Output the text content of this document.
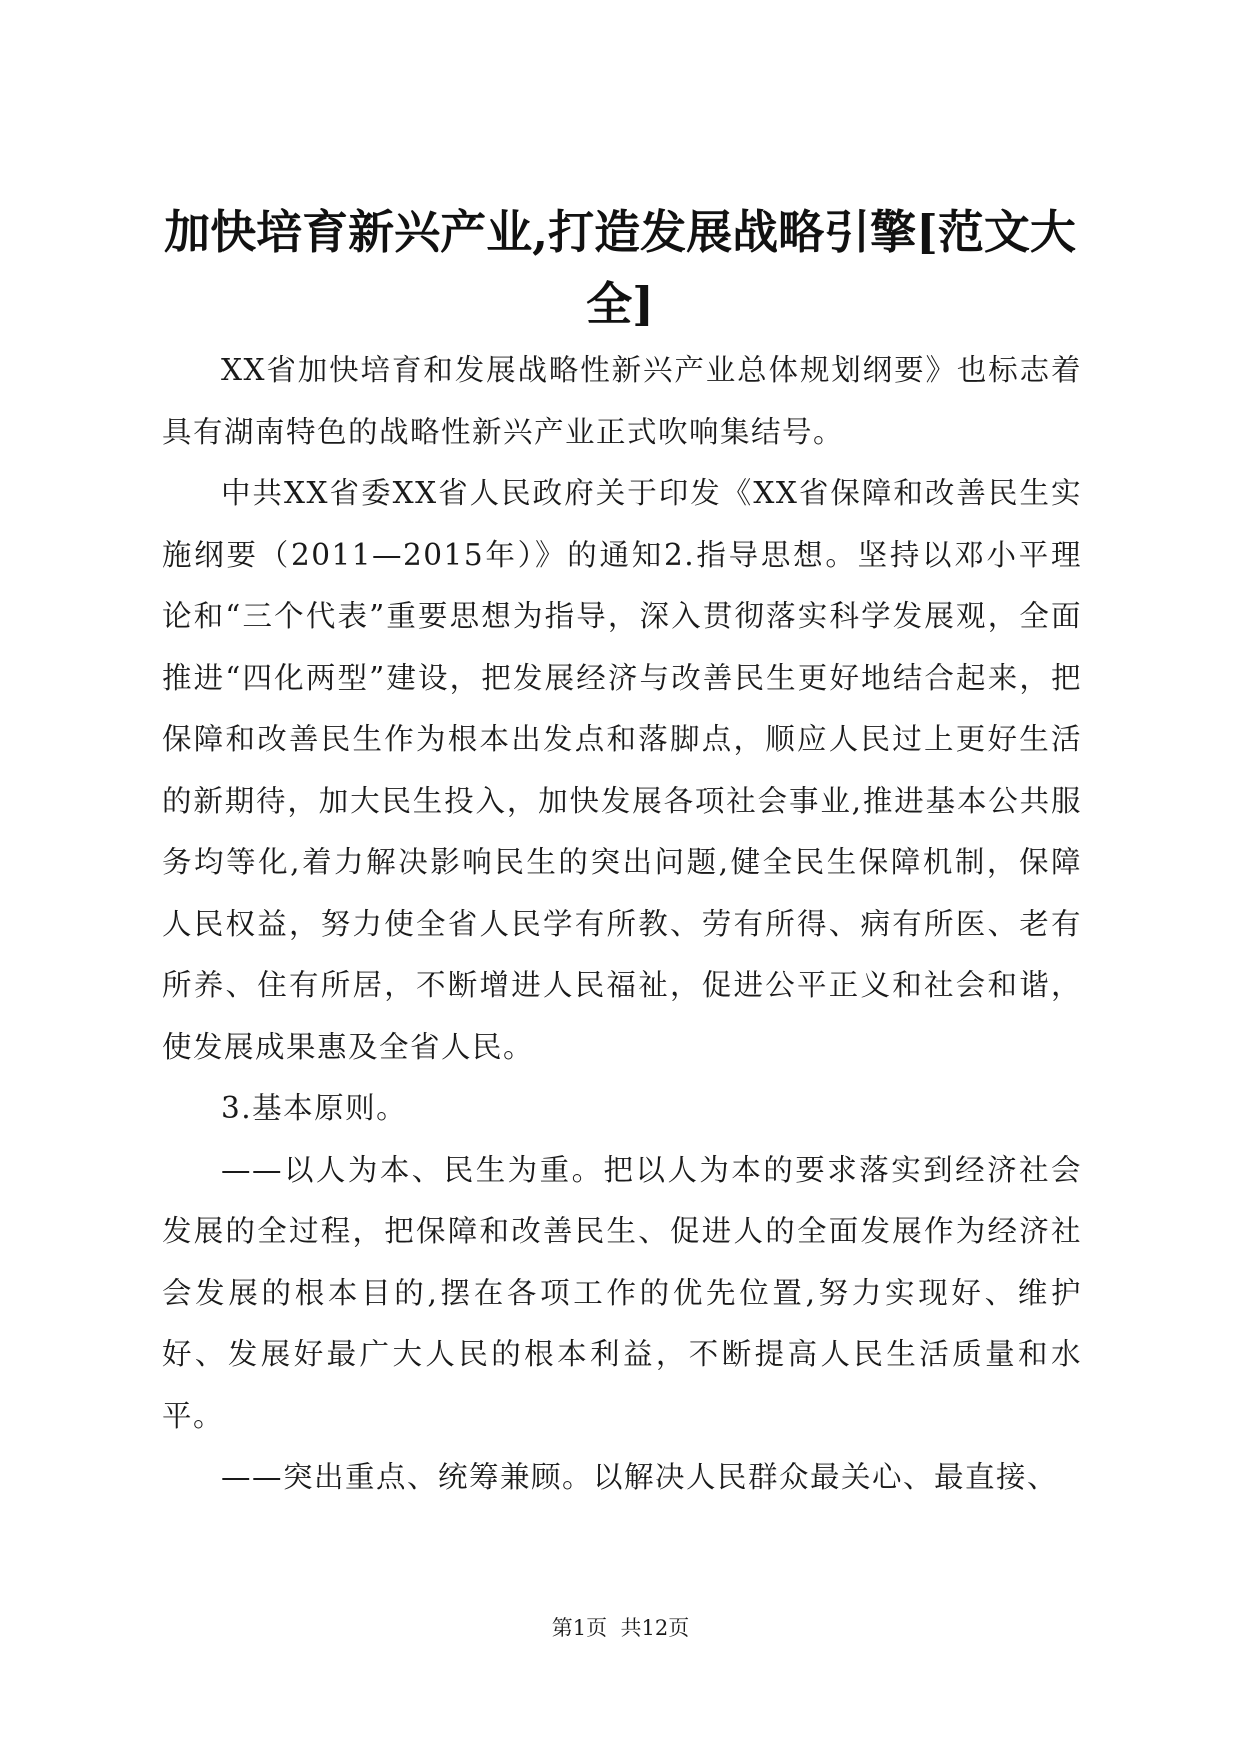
加快培育新兴产业,打造发展战略引擎[范文大全]

XX省加快培育和发展战略性新兴产业总体规划纲要》也标志着具有湖南特色的战略性新兴产业正式吹响集结号。

中共XX省委XX省人民政府关于印发《XX省保障和改善民生实施纲要（2011—2015年）》的通知2.指导思想。坚持以邓小平理论和“三个代表”重要思想为指导，深入贯彻落实科学发展观，全面推进“四化两型”建设，把发展经济与改善民生更好地结合起来，把保障和改善民生作为根本出发点和落脚点，顺应人民过上更好生活的新期待，加大民生投入，加快发展各项社会事业,推进基本公共服务均等化,着力解决影响民生的突出问题,健全民生保障机制，保障人民权益，努力使全省人民学有所教、劳有所得、病有所医、老有所养、住有所居，不断增进人民福祉，促进公平正义和社会和谐，使发展成果惠及全省人民。

3.基本原则。

——以人为本、民生为重。把以人为本的要求落实到经济社会发展的全过程，把保障和改善民生、促进人的全面发展作为经济社会发展的根本目的,摆在各项工作的优先位置,努力实现好、维护好、发展好最广大人民的根本利益，不断提高人民生活质量和水平。

——突出重点、统筹兼顾。以解决人民群众最关心、最直接、

第1页  共12页
